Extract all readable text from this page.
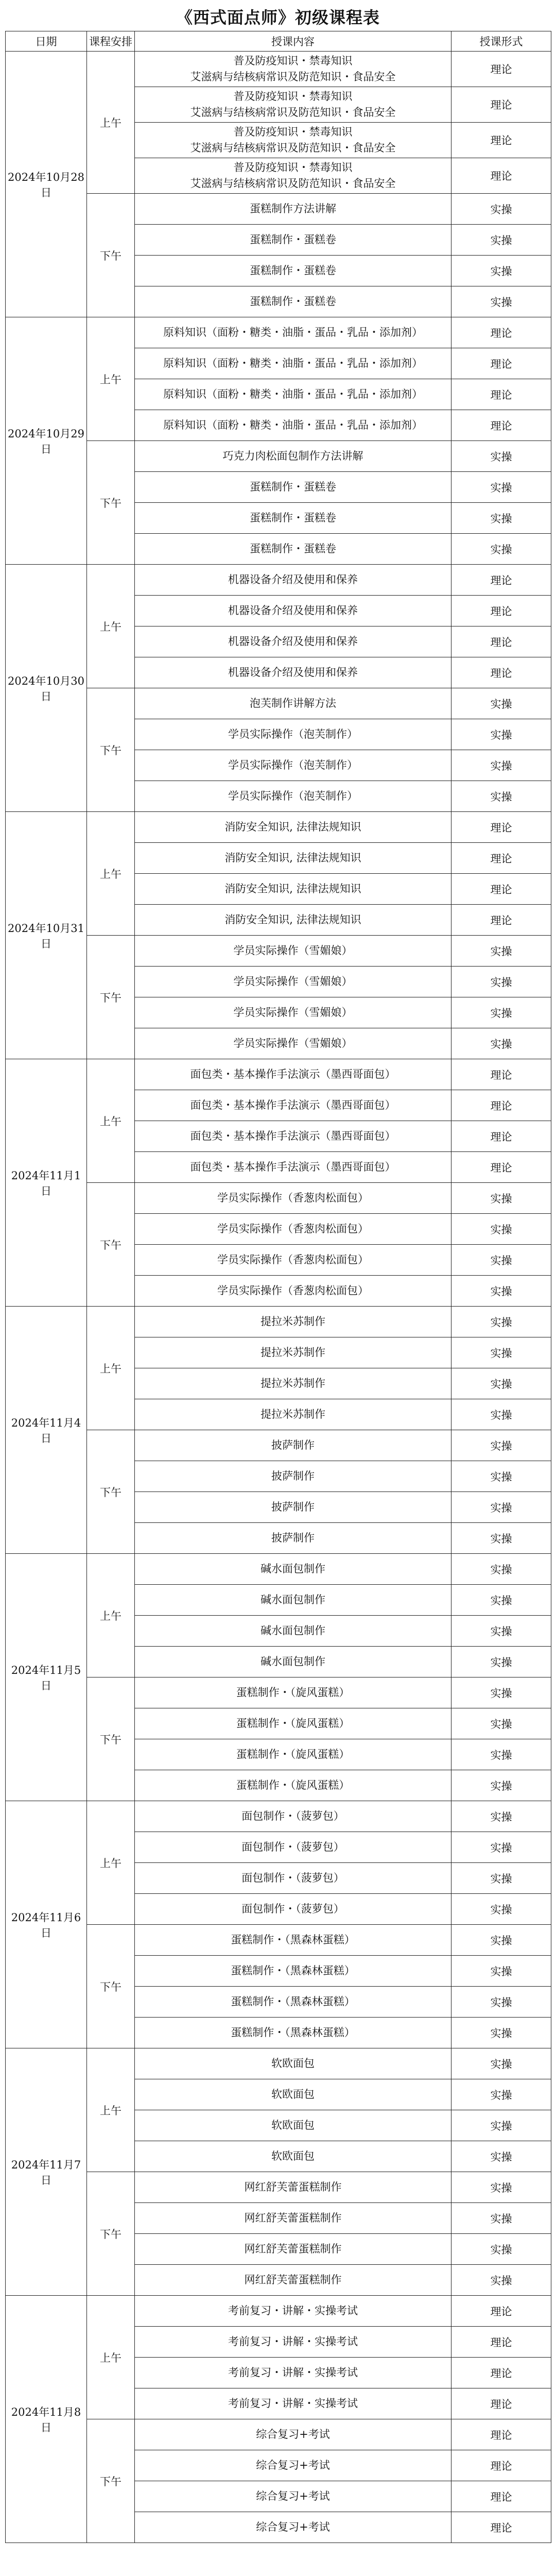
《西式面点师》初级课程表
日期	课程安排	授课内容	授课形式
2024年10月28日	上午	普及防疫知识・禁毒知识
艾滋病与结核病常识及防范知识・食品安全	理论

		普及防疫知识・禁毒知识
艾滋病与结核病常识及防范知识・食品安全	理论

		普及防疫知识・禁毒知识
艾滋病与结核病常识及防范知识・食品安全	理论

		普及防疫知识・禁毒知识
艾滋病与结核病常识及防范知识・食品安全	理论
	下午	蛋糕制作方法讲解	实操

		蛋糕制作・蛋糕卷	实操

		蛋糕制作・蛋糕卷	实操

		蛋糕制作・蛋糕卷	实操
2024年10月29日	上午	原料知识（面粉・糖类・油脂・蛋品・乳品・添加剂）	理论

		原料知识（面粉・糖类・油脂・蛋品・乳品・添加剂）	理论

		原料知识（面粉・糖类・油脂・蛋品・乳品・添加剂）	理论

		原料知识（面粉・糖类・油脂・蛋品・乳品・添加剂）	理论
	下午	巧克力肉松面包制作方法讲解	实操

		蛋糕制作・蛋糕卷	实操

		蛋糕制作・蛋糕卷	实操

		蛋糕制作・蛋糕卷	实操
2024年10月30日	上午	机器设备介绍及使用和保养	理论

		机器设备介绍及使用和保养	理论

		机器设备介绍及使用和保养	理论

		机器设备介绍及使用和保养	理论
	下午	泡芙制作讲解方法	实操

		学员实际操作（泡芙制作）	实操

		学员实际操作（泡芙制作）	实操

		学员实际操作（泡芙制作）	实操
2024年10月31日	上午	消防安全知识, 法律法规知识	理论

		消防安全知识, 法律法规知识	理论

		消防安全知识, 法律法规知识	理论

		消防安全知识, 法律法规知识	理论
	下午	学员实际操作（雪媚娘）	实操

		学员实际操作（雪媚娘）	实操

		学员实际操作（雪媚娘）	实操

		学员实际操作（雪媚娘）	实操
2024年11月1日	上午	面包类・基本操作手法演示（墨西哥面包）	理论

		面包类・基本操作手法演示（墨西哥面包）	理论

		面包类・基本操作手法演示（墨西哥面包）	理论

		面包类・基本操作手法演示（墨西哥面包）	理论
	下午	学员实际操作（香葱肉松面包）	实操

		学员实际操作（香葱肉松面包）	实操

		学员实际操作（香葱肉松面包）	实操

		学员实际操作（香葱肉松面包）	实操
2024年11月4日	上午	提拉米苏制作	实操

		提拉米苏制作	实操

		提拉米苏制作	实操

		提拉米苏制作	实操
	下午	披萨制作	实操

		披萨制作	实操

		披萨制作	实操

		披萨制作	实操
2024年11月5日	上午	碱水面包制作	实操

		碱水面包制作	实操

		碱水面包制作	实操

		碱水面包制作	实操
	下午	蛋糕制作・（旋风蛋糕）	实操

		蛋糕制作・（旋风蛋糕）	实操

		蛋糕制作・（旋风蛋糕）	实操

		蛋糕制作・（旋风蛋糕）	实操
2024年11月6日	上午	面包制作・（菠萝包）	实操

		面包制作・（菠萝包）	实操

		面包制作・（菠萝包）	实操

		面包制作・（菠萝包）	实操
	下午	蛋糕制作・（黑森林蛋糕）	实操

		蛋糕制作・（黑森林蛋糕）	实操

		蛋糕制作・（黑森林蛋糕）	实操

		蛋糕制作・（黑森林蛋糕）	实操
2024年11月7日	上午	软欧面包	实操

		软欧面包	实操

		软欧面包	实操

		软欧面包	实操
	下午	网红舒芙蕾蛋糕制作	实操

		网红舒芙蕾蛋糕制作	实操

		网红舒芙蕾蛋糕制作	实操

		网红舒芙蕾蛋糕制作	实操
2024年11月8日	上午	考前复习・讲解・实操考试	理论

		考前复习・讲解・实操考试	理论

		考前复习・讲解・实操考试	理论

		考前复习・讲解・实操考试	理论
	下午	综合复习+考试	理论

		综合复习+考试	理论

		综合复习+考试	理论

		综合复习+考试	理论
